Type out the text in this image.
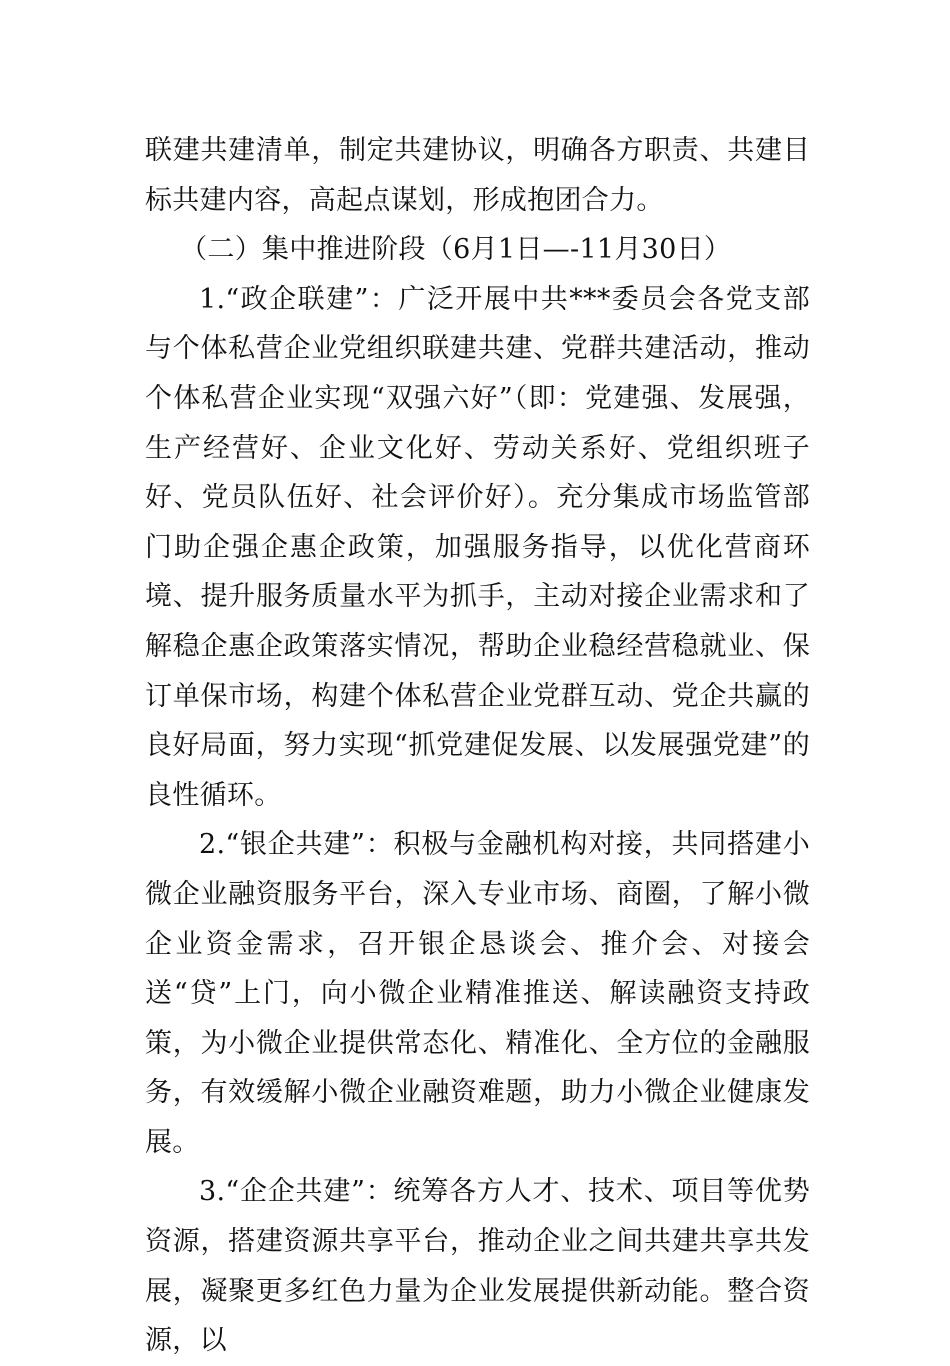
联建共建清单，制定共建协议，明确各方职责、共建目标共建内容，高起点谋划，形成抱团合力。

（二）集中推进阶段（6月1日—-11月30日）

1.“政企联建”：广泛开展中共***委员会各党支部与个体私营企业党组织联建共建、党群共建活动，推动个体私营企业实现“双强六好”（即：党建强、发展强，生产经营好、企业文化好、劳动关系好、党组织班子好、党员队伍好、社会评价好）。充分集成市场监管部门助企强企惠企政策，加强服务指导，以优化营商环境、提升服务质量水平为抓手，主动对接企业需求和了解稳企惠企政策落实情况，帮助企业稳经营稳就业、保订单保市场，构建个体私营企业党群互动、党企共赢的良好局面，努力实现“抓党建促发展、以发展强党建”的良性循环。

2.“银企共建”：积极与金融机构对接，共同搭建小微企业融资服务平台，深入专业市场、商圈，了解小微企业资金需求，召开银企恳谈会、推介会、对接会送“贷”上门，向小微企业精准推送、解读融资支持政策，为小微企业提供常态化、精准化、全方位的金融服务，有效缓解小微企业融资难题，助力小微企业健康发展。

3.“企企共建”：统筹各方人才、技术、项目等优势资源，搭建资源共享平台，推动企业之间共建共享共发展，凝聚更多红色力量为企业发展提供新动能。整合资源，以
